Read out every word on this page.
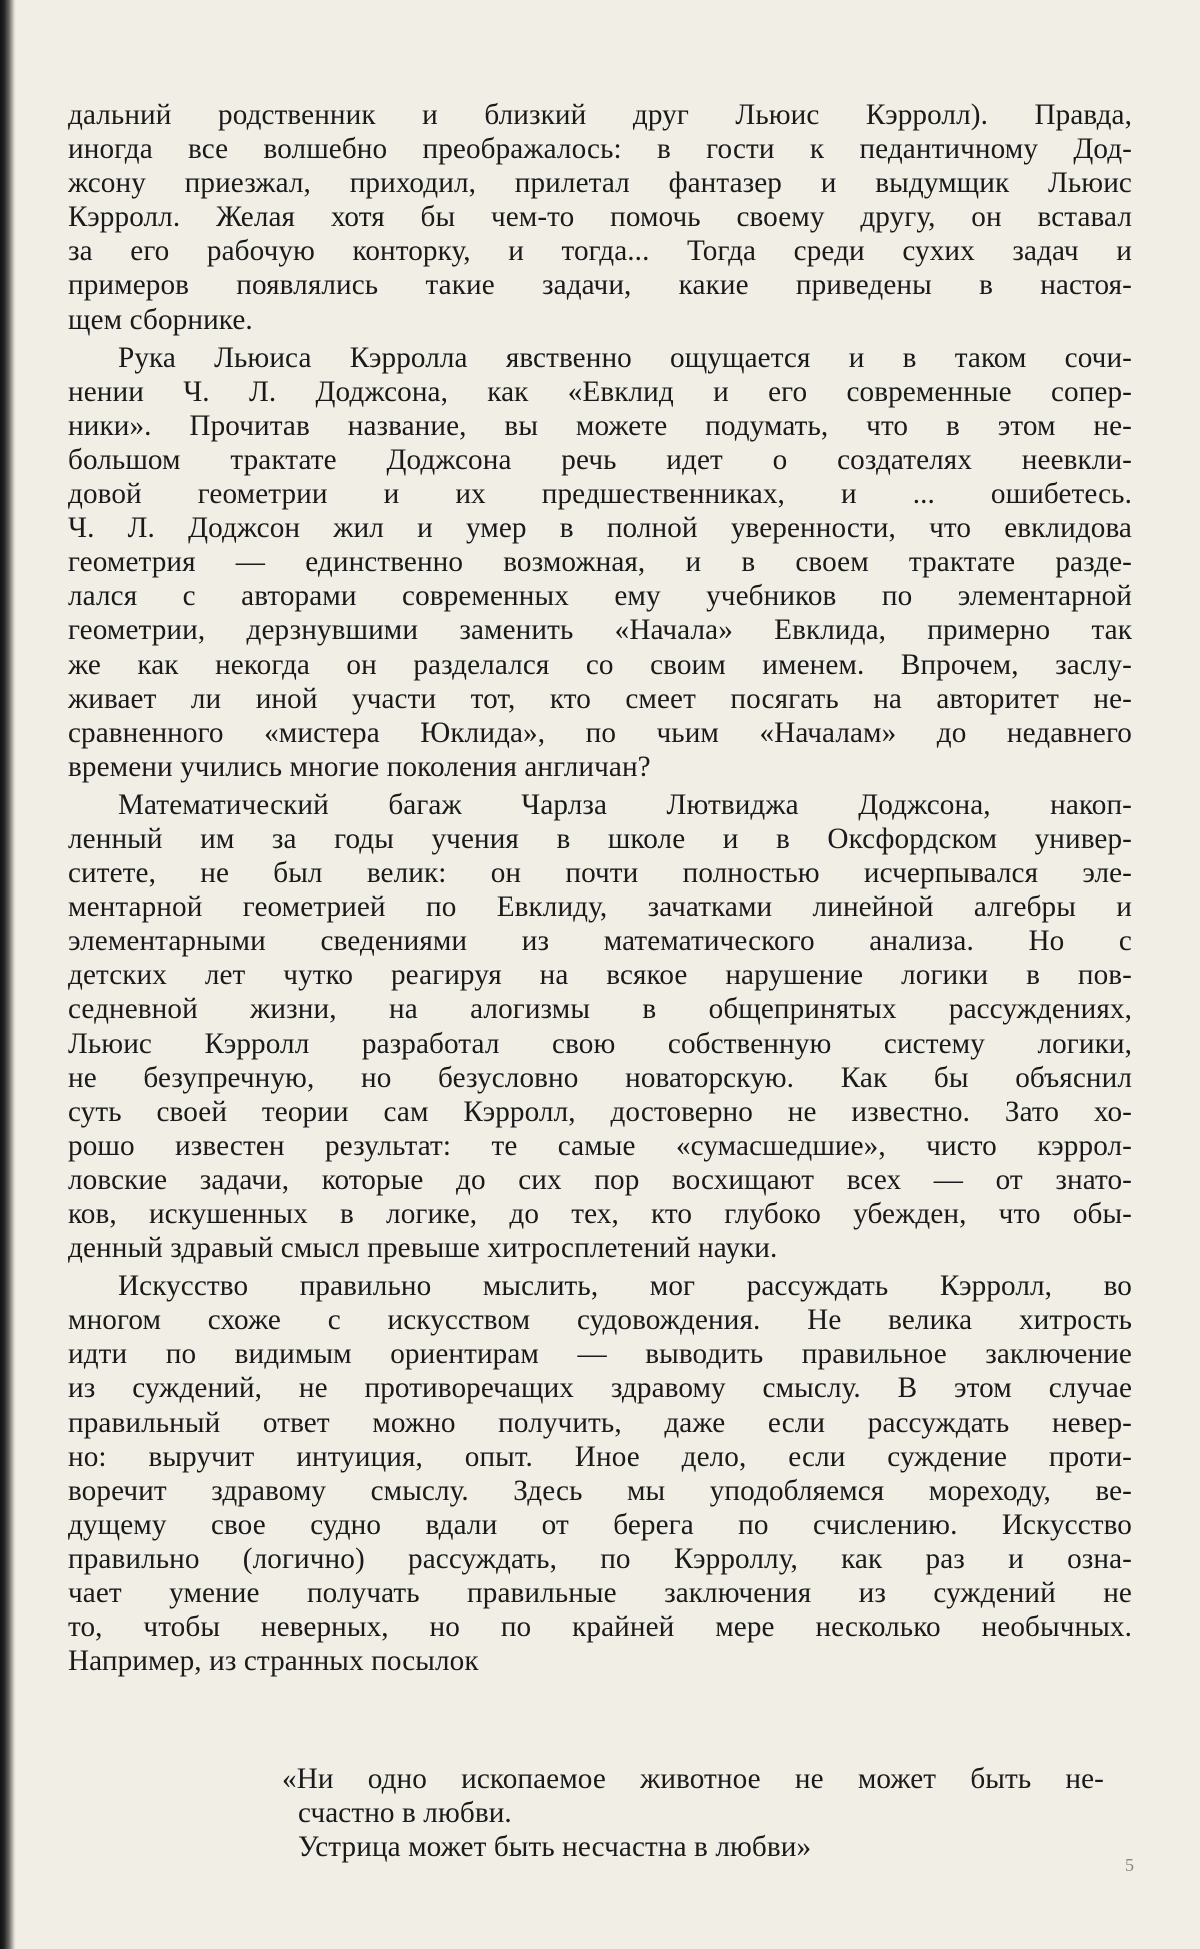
дальний родственник и близкий друг Льюис Кэрролл). Правда,

иногда все волшебно преображалось: в гости к педантичному Дод-

жсону приезжал, приходил, прилетал фантазер и выдумщик Льюис

Кэрролл. Желая хотя бы чем-то помочь своему другу, он вставал

за его рабочую конторку, и тогда... Тогда среди сухих задач и

примеров появлялись такие задачи, какие приведены в настоя-

щем сборнике.

Рука Льюиса Кэрролла явственно ощущается и в таком сочи-

нении Ч. Л. Доджсона, как «Евклид и его современные сопер-

ники». Прочитав название, вы можете подумать, что в этом не-

большом трактате Доджсона речь идет о создателях неевкли-

довой геометрии и их предшественниках, и ... ошибетесь.

Ч. Л. Доджсон жил и умер в полной уверенности, что евклидова

геометрия — единственно возможная, и в своем трактате разде-

лался с авторами современных ему учебников по элементарной

геометрии, дерзнувшими заменить «Начала» Евклида, примерно так

же как некогда он разделался со своим именем. Впрочем, заслу-

живает ли иной участи тот, кто смеет посягать на авторитет не-

сравненного «мистера Юклида», по чьим «Началам» до недавнего

времени учились многие поколения англичан?

Математический багаж Чарлза Лютвиджа Доджсона, накоп-

ленный им за годы учения в школе и в Оксфордском универ-

ситете, не был велик: он почти полностью исчерпывался эле-

ментарной геометрией по Евклиду, зачатками линейной алгебры и

элементарными сведениями из математического анализа. Но с

детских лет чутко реагируя на всякое нарушение логики в пов-

седневной жизни, на алогизмы в общепринятых рассуждениях,

Льюис Кэрролл разработал свою собственную систему логики,

не безупречную, но безусловно новаторскую. Как бы объяснил

суть своей теории сам Кэрролл, достоверно не известно. Зато хо-

рошо известен результат: те самые «сумасшедшие», чисто кэррол-

ловские задачи, которые до сих пор восхищают всех — от знато-

ков, искушенных в логике, до тех, кто глубоко убежден, что обы-

денный здравый смысл превыше хитросплетений науки.

Искусство правильно мыслить, мог рассуждать Кэрролл, во

многом схоже с искусством судовождения. Не велика хитрость

идти по видимым ориентирам — выводить правильное заключение

из суждений, не противоречащих здравому смыслу. В этом случае

правильный ответ можно получить, даже если рассуждать невер-

но: выручит интуиция, опыт. Иное дело, если суждение проти-

воречит здравому смыслу. Здесь мы уподобляемся мореходу, ве-

дущему свое судно вдали от берега по счислению. Искусство

правильно (логично) рассуждать, по Кэрроллу, как раз и озна-

чает умение получать правильные заключения из суждений не

то, чтобы неверных, но по крайней мере несколько необычных.

Например, из странных посылок

«Ни одно ископаемое животное не может быть не-

счастно в любви.

Устрица может быть несчастна в любви»

5
